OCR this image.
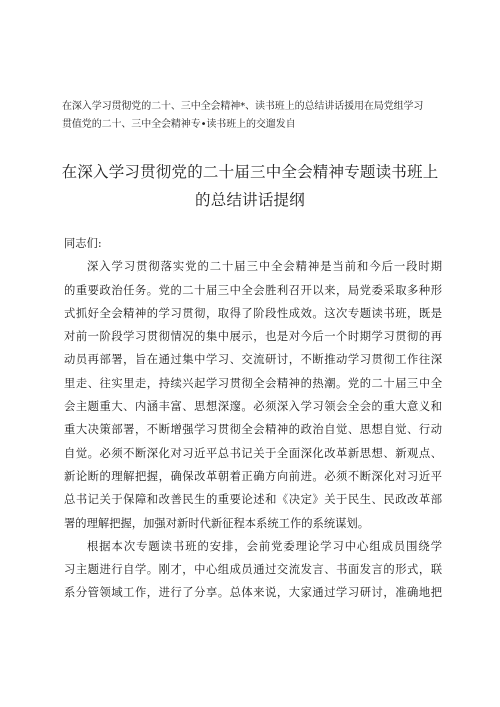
在深入学习贯彻党的二十、三中全会精神*、读书班上的总结讲话援用在局党组学习
贯值党的二十、三中全会精神专•读书班上的交遛发自
在深入学习贯彻党的二十届三中全会精神专题读书班上
的总结讲话提纲
同志们:
深入学习贯彻落实党的二十届三中全会精神是当前和今后一段时期
的重要政治任务。党的二十届三中全会胜利召开以来，局党委采取多种形
式抓好全会精神的学习贯彻，取得了阶段性成效。这次专题读书班，既是
对前一阶段学习贯彻情况的集中展示，也是对今后一个时期学习贯彻的再
动员再部署，旨在通过集中学习、交流研讨，不断推动学习贯彻工作往深
里走、往实里走，持续兴起学习贯彻全会精神的热潮。党的二十届三中全
会主题重大、内涵丰富、思想深邃。必须深入学习领会全会的重大意义和
重大决策部署，不断增强学习贯彻全会精神的政治自觉、思想自觉、行动
自觉。必须不断深化对习近平总书记关于全面深化改革新思想、新观点、
新论断的理解把握，确保改革朝着正确方向前进。必须不断深化对习近平
总书记关于保障和改善民生的重要论述和《决定》关于民生、民政改革部
署的理解把握，加强对新时代新征程本系统工作的系统谋划。
根据本次专题读书班的安排，会前党委理论学习中心组成员围绕学
习主题进行自学。刚才，中心组成员通过交流发言、书面发言的形式，联
系分管领域工作，进行了分享。总体来说，大家通过学习研讨，准确地把
